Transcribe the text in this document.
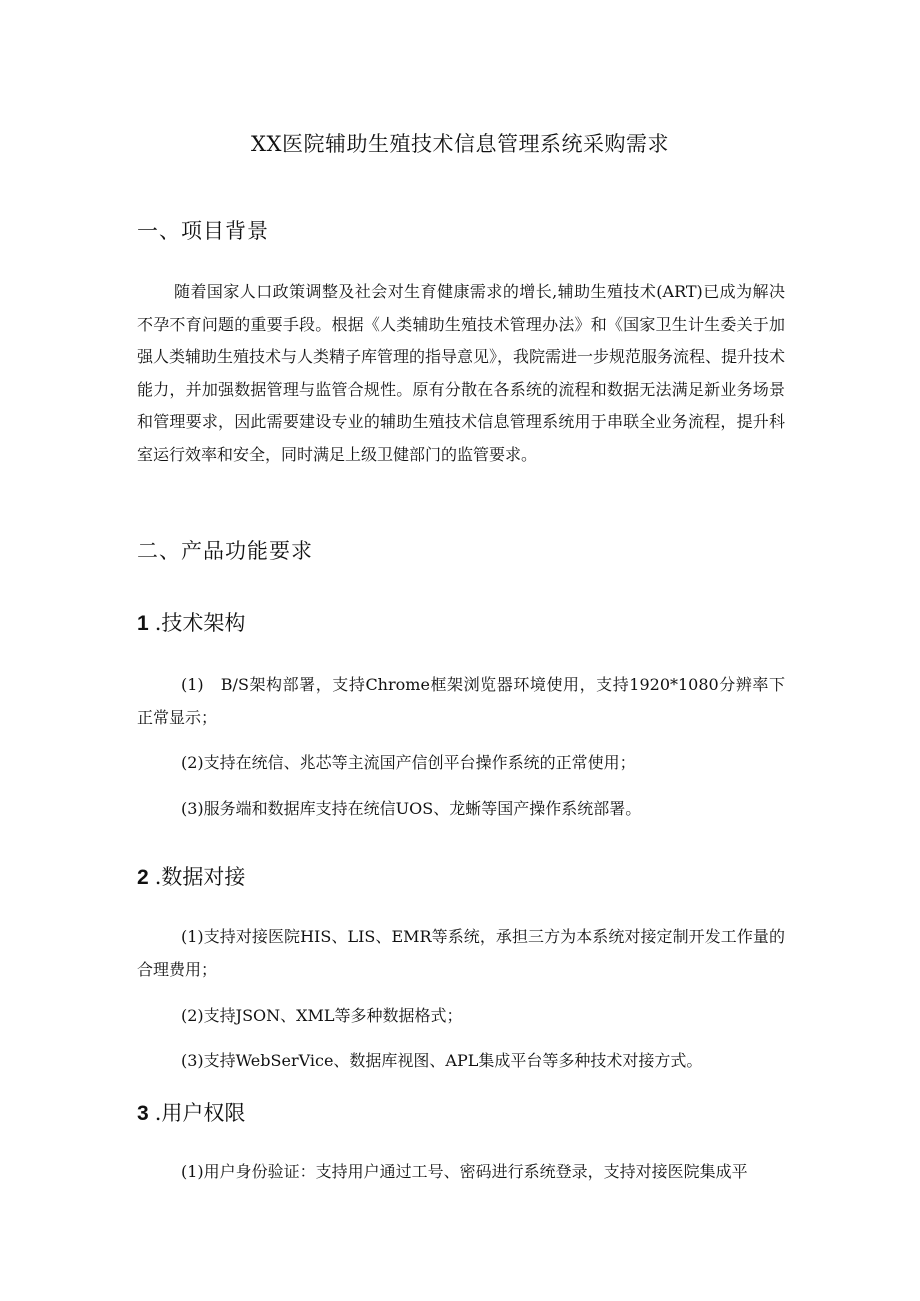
XX医院辅助生殖技术信息管理系统采购需求
一、项目背景

随着国家人口政策调整及社会对生育健康需求的增长,辅助生殖技术(ART)已成为解决不孕不育问题的重要手段。根据《人类辅助生殖技术管理办法》和《国家卫生计生委关于加强人类辅助生殖技术与人类精子库管理的指导意见》，我院需进一步规范服务流程、提升技术能力，并加强数据管理与监管合规性。原有分散在各系统的流程和数据无法满足新业务场景和管理要求，因此需要建设专业的辅助生殖技术信息管理系统用于串联全业务流程，提升科室运行效率和安全，同时满足上级卫健部门的监管要求。

二、产品功能要求
1 .技术架构

(1)　B/S架构部署，支持Chrome框架浏览器环境使用，支持1920*1080分辨率下正常显示；

(2)支持在统信、兆芯等主流国产信创平台操作系统的正常使用；

(3)服务端和数据库支持在统信UOS、龙蜥等国产操作系统部署。

2 .数据对接

(1)支持对接医院HIS、LIS、EMR等系统，承担三方为本系统对接定制开发工作量的合理费用；

(2)支持JSON、XML等多种数据格式；

(3)支持WebSerVice、数据库视图、APL集成平台等多种技术对接方式。

3 .用户权限

(1)用户身份验证：支持用户通过工号、密码进行系统登录，支持对接医院集成平
